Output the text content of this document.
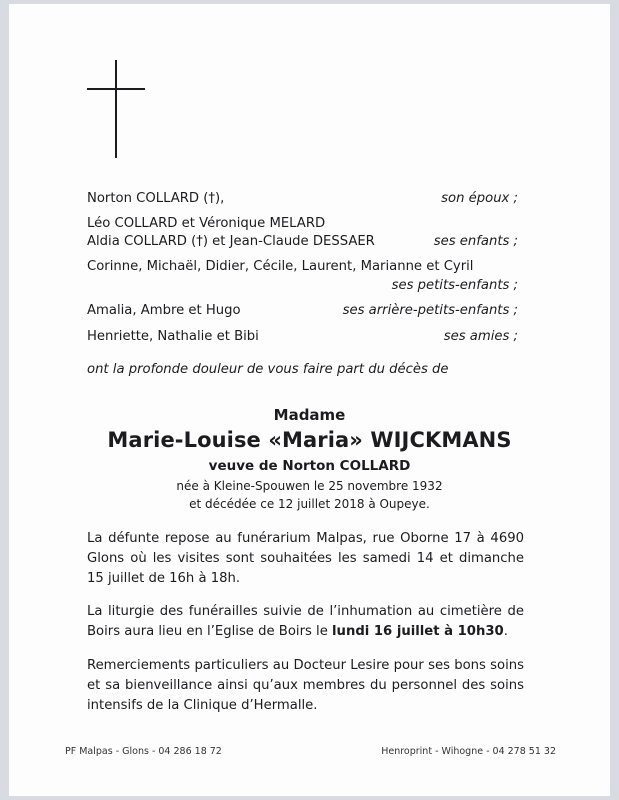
Norton COLLARD (†),	son époux ;
Léo COLLARD et Véronique MELARD
Aldia COLLARD (†) et Jean-Claude DESSAER	ses enfants ;
Corinne, Michaël, Didier, Cécile, Laurent, Marianne et Cyril
ses petits-enfants ;
Amalia, Ambre et Hugo	ses arrière-petits-enfants ;
Henriette, Nathalie et Bibi	ses amies ;
ont la profonde douleur de vous faire part du décès de
Madame
Marie-Louise «Maria» WIJCKMANS
veuve de Norton COLLARD
née à Kleine-Spouwen le 25 novembre 1932
et décédée ce 12 juillet 2018 à Oupeye.
La défunte repose au funérarium Malpas, rue Oborne 17 à 4690 Glons où les visites sont souhaitées les samedi 14 et dimanche 15 juillet de 16h à 18h.
La liturgie des funérailles suivie de l’inhumation au cimetière de Boirs aura lieu en l’Eglise de Boirs le lundi 16 juillet à 10h30.
Remerciements particuliers au Docteur Lesire pour ses bons soins et sa bienveillance ainsi qu’aux membres du personnel des soins intensifs de la Clinique d’Hermalle.
PF Malpas - Glons - 04 286 18 72	Henroprint - Wihogne - 04 278 51 32
